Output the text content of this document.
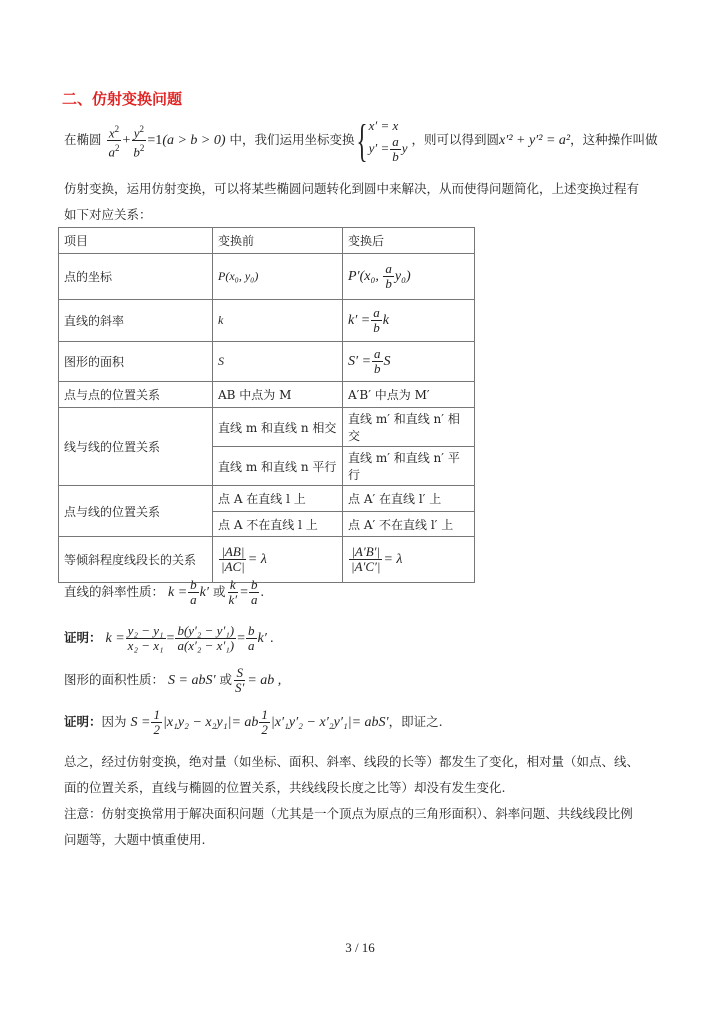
二、仿射变换问题
在椭圆 $\frac{x^2}{a^2} + \frac{y^2}{b^2} =1(a > b > 0)$ 中，我们运用坐标变换{ x′ = x
$y' = \frac{a}{b}$ y
，则可以得到圆x′² + y′² = a²，这种操作叫做
仿射变换，运用仿射变换，可以将某些椭圆问题转化到圆中来解决，从而使得问题简化，上述变换过程有
如下对应关系：
项目	变换前	变换后
点的坐标	P(x₀, y₀)	P′(x₀, $\frac{a}{b} y_0$)
直线的斜率	k	$k' = \frac{a}{b}$ k
图形的面积	S	$S' = \frac{a}{b}$ S
点与点的位置关系	AB 中点为 M	A′B′ 中点为 M′
线与线的位置关系	直线 m 和直线 n 相交	直线 m′ 和直线 n′ 相交
	直线 m 和直线 n 平行	直线 m′ 和直线 n′ 平行
点与线的位置关系	点 A 在直线 l 上	点 A′ 在直线 l′ 上
	点 A 不在直线 l 上	点 A′ 不在直线 l′ 上
等倾斜程度线段长的关系	$\frac{|AB|}{|AC|} = \lambda$	$\frac{|A'B'|}{|A'C'|} = \lambda$
直线的斜率性质： $k = \frac{b}{a} k'$ 或 $\frac{k}{k'} = \frac{b}{a}$ .
证明： $k = \frac{\text{y₂ − y₁}}{\text{x₂ − x₁}} = \frac{\text{b(y′₂ − y′₁)}}{\text{a(x′₂ − x′₁)}} = \frac{b}{a} k'$ .
图形的面积性质： S = abS′ 或 $\frac{S}{S'}$ = ab ,
证明：因为 $S = \frac{1}{2} |x_1y_2 - x_2y_1|=$ ab $\frac{1}{2} |x'_1y'_2 - x'_2y'_1|= abS'$，即证之.
总之，经过仿射变换，绝对量（如坐标、面积、斜率、线段的长等）都发生了变化，相对量（如点、线、
面的位置关系，直线与椭圆的位置关系，共线线段长度之比等）却没有发生变化.
注意：仿射变换常用于解决面积问题（尤其是一个顶点为原点的三角形面积）、斜率问题、共线线段比例
问题等，大题中慎重使用.
3 / 16
